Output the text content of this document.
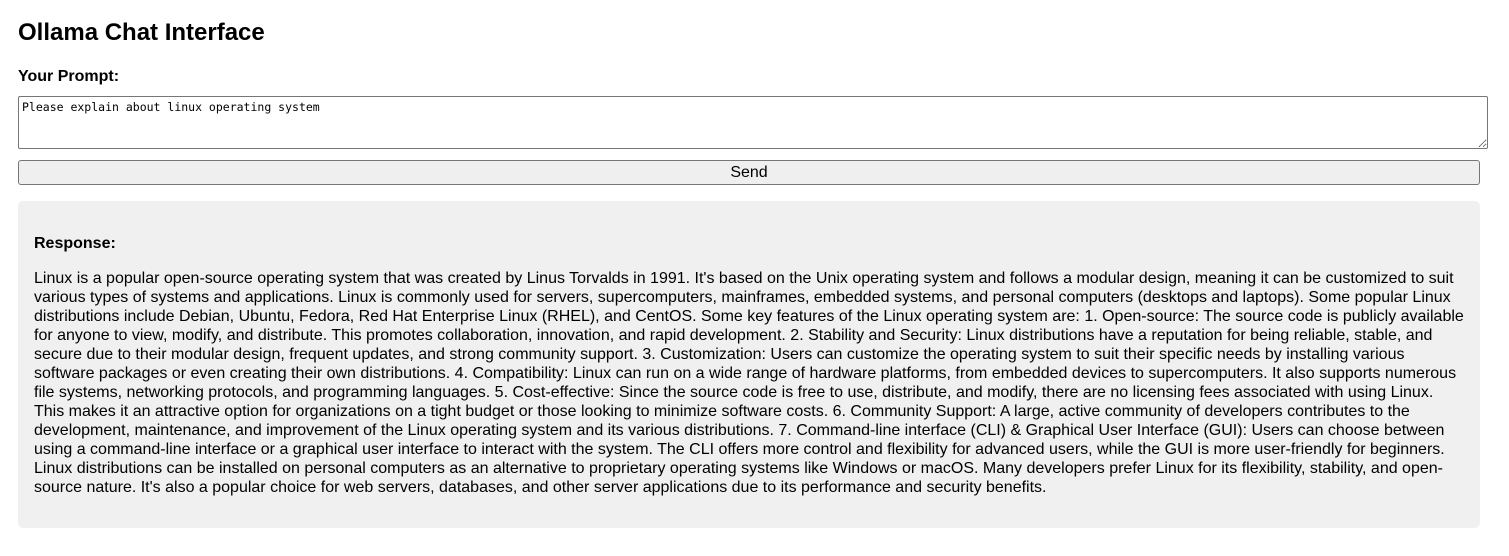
Ollama Chat Interface
Your Prompt:
Please explain about linux operating system
Send
Response:

Linux is a popular open-source operating system that was created by Linus Torvalds in 1991. It's based on the Unix operating system and follows a modular design, meaning it can be customized to suit various types of systems and applications. Linux is commonly used for servers, supercomputers, mainframes, embedded systems, and personal computers (desktops and laptops). Some popular Linux distributions include Debian, Ubuntu, Fedora, Red Hat Enterprise Linux (RHEL), and CentOS. Some key features of the Linux operating system are: 1. Open-source: The source code is publicly available for anyone to view, modify, and distribute. This promotes collaboration, innovation, and rapid development. 2. Stability and Security: Linux distributions have a reputation for being reliable, stable, and secure due to their modular design, frequent updates, and strong community support. 3. Customization: Users can customize the operating system to suit their specific needs by installing various software packages or even creating their own distributions. 4. Compatibility: Linux can run on a wide range of hardware platforms, from embedded devices to supercomputers. It also supports numerous file systems, networking protocols, and programming languages. 5. Cost-effective: Since the source code is free to use, distribute, and modify, there are no licensing fees associated with using Linux. This makes it an attractive option for organizations on a tight budget or those looking to minimize software costs. 6. Community Support: A large, active community of developers contributes to the development, maintenance, and improvement of the Linux operating system and its various distributions. 7. Command-line interface (CLI) & Graphical User Interface (GUI): Users can choose between using a command-line interface or a graphical user interface to interact with the system. The CLI offers more control and flexibility for advanced users, while the GUI is more user-friendly for beginners. Linux distributions can be installed on personal computers as an alternative to proprietary operating systems like Windows or macOS. Many developers prefer Linux for its flexibility, stability, and open-source nature. It's also a popular choice for web servers, databases, and other server applications due to its performance and security benefits.
